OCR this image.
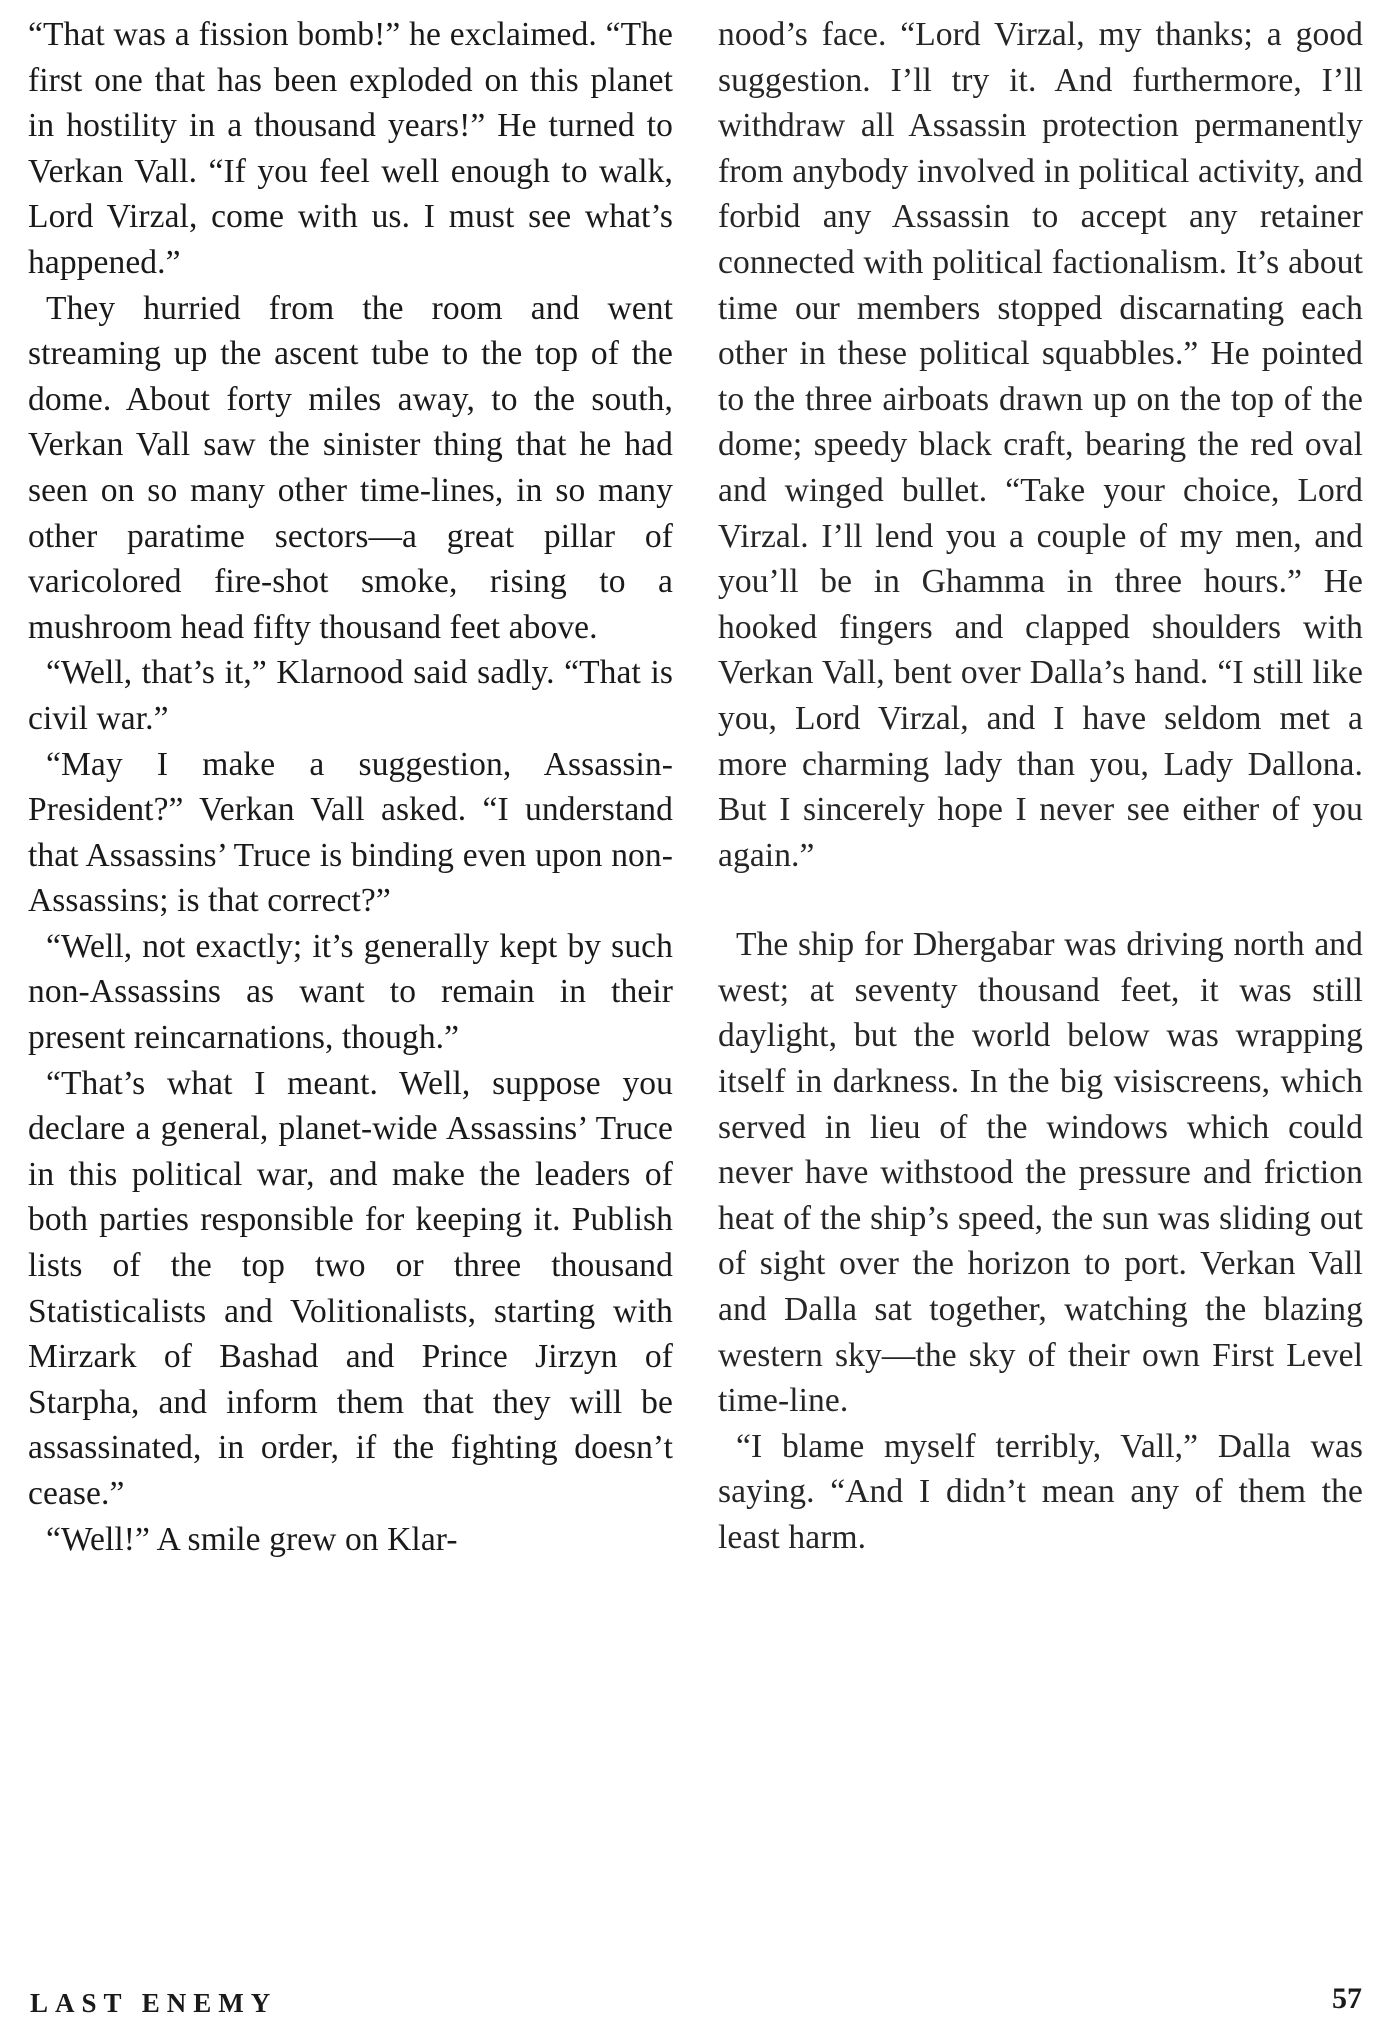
“That was a fission bomb!” he exclaimed. “The first one that has been exploded on this planet in hostility in a thousand years!” He turned to Verkan Vall. “If you feel well enough to walk, Lord Virzal, come with us. I must see what’s happened.”

They hurried from the room and went streaming up the ascent tube to the top of the dome. About forty miles away, to the south, Verkan Vall saw the sinister thing that he had seen on so many other time-lines, in so many other paratime sectors—a great pillar of varicolored fire-shot smoke, rising to a mushroom head fifty thousand feet above.

“Well, that’s it,” Klarnood said sadly. “That is civil war.”

“May I make a suggestion, Assassin-President?” Verkan Vall asked. “I understand that Assassins’ Truce is binding even upon non-Assassins; is that correct?”

“Well, not exactly; it’s generally kept by such non-Assassins as want to remain in their present reincarnations, though.”

“That’s what I meant. Well, suppose you declare a general, planet-wide Assassins’ Truce in this political war, and make the leaders of both parties responsible for keeping it. Publish lists of the top two or three thousand Statisticalists and Volitionalists, starting with Mirzark of Bashad and Prince Jirzyn of Starpha, and inform them that they will be assassinated, in order, if the fighting doesn’t cease.”

“Well!” A smile grew on Klar-

nood’s face. “Lord Virzal, my thanks; a good suggestion. I’ll try it. And furthermore, I’ll withdraw all Assassin protection permanently from anybody involved in political activity, and forbid any Assassin to accept any retainer connected with political factionalism. It’s about time our members stopped discarnating each other in these political squabbles.” He pointed to the three airboats drawn up on the top of the dome; speedy black craft, bearing the red oval and winged bullet. “Take your choice, Lord Virzal. I’ll lend you a couple of my men, and you’ll be in Ghamma in three hours.” He hooked fingers and clapped shoulders with Verkan Vall, bent over Dalla’s hand. “I still like you, Lord Virzal, and I have seldom met a more charming lady than you, Lady Dallona. But I sincerely hope I never see either of you again.”

The ship for Dhergabar was driving north and west; at seventy thousand feet, it was still daylight, but the world below was wrapping itself in darkness. In the big visiscreens, which served in lieu of the windows which could never have withstood the pressure and friction heat of the ship’s speed, the sun was sliding out of sight over the horizon to port. Verkan Vall and Dalla sat together, watching the blazing western sky—the sky of their own First Level time-line.

“I blame myself terribly, Vall,” Dalla was saying. “And I didn’t mean any of them the least harm.

LAST ENEMY	57
